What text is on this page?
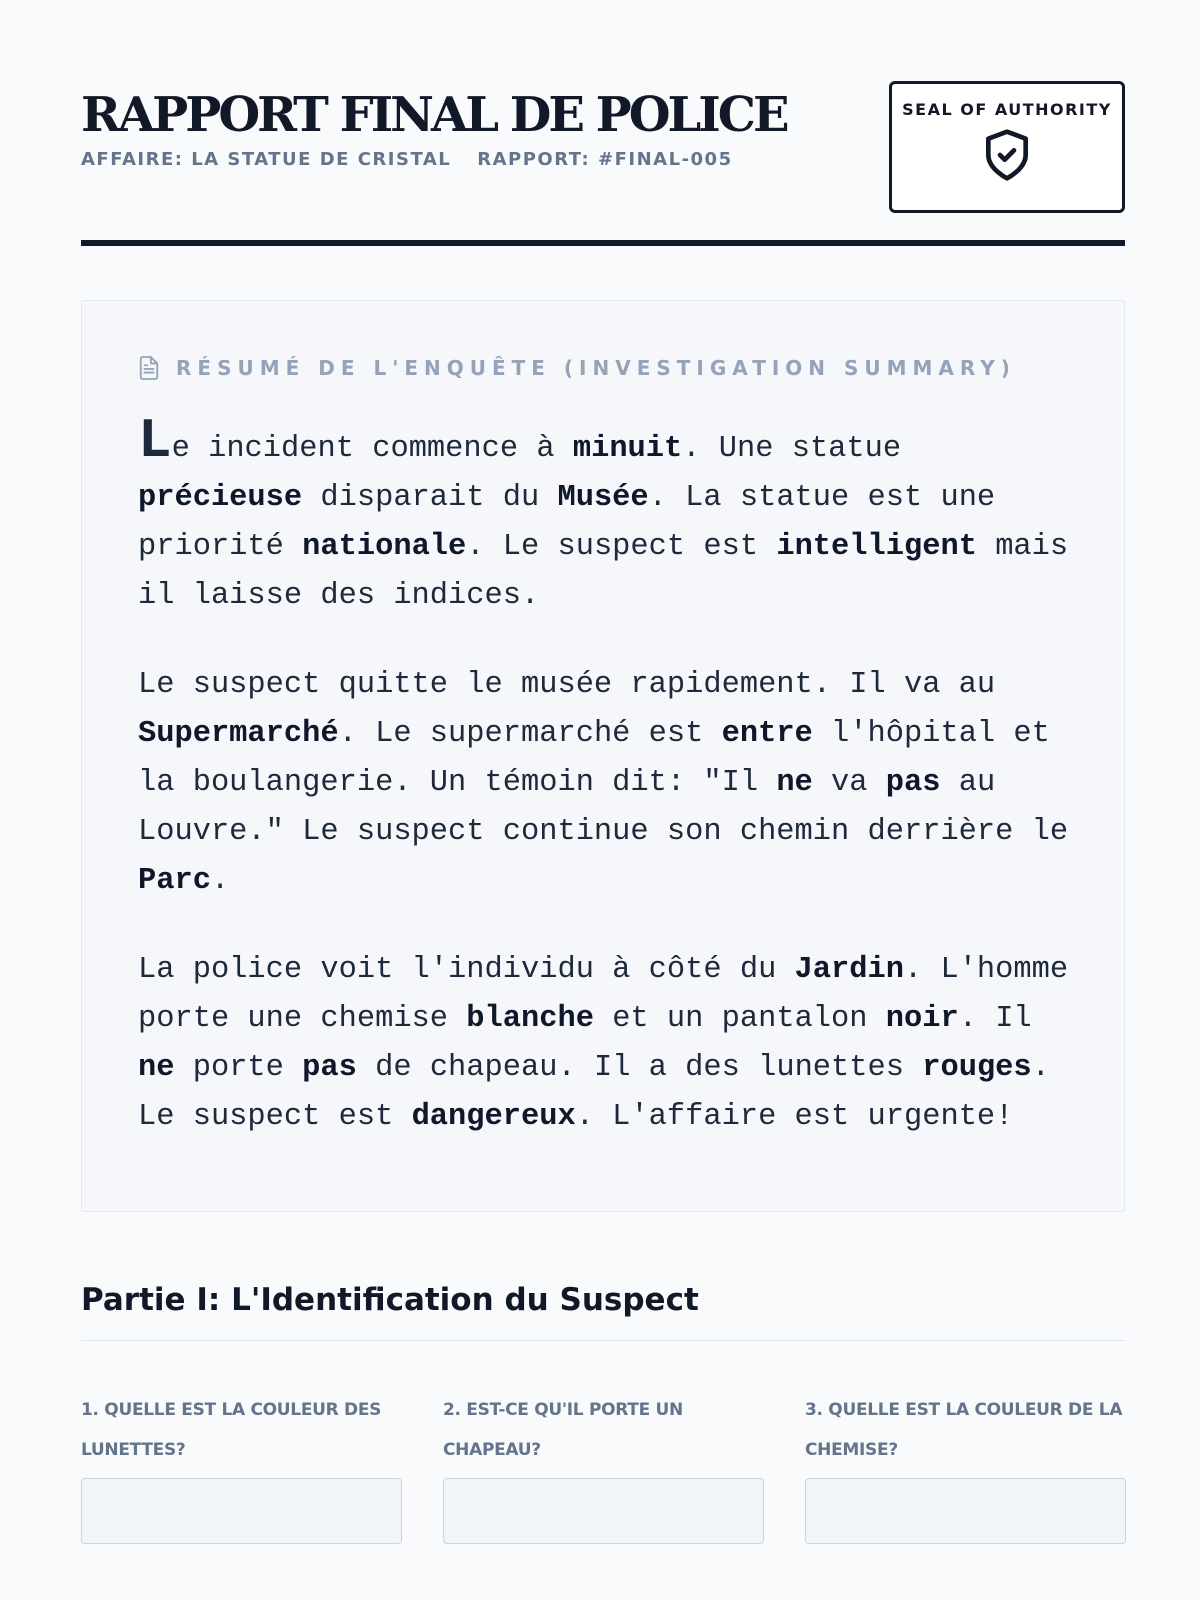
RAPPORT FINAL DE POLICE
AFFAIRE: LA STATUE DE CRISTAL RAPPORT: #FINAL-005
SEAL OF AUTHORITY
RÉSUMÉ DE L'ENQUÊTE (INVESTIGATION SUMMARY)

Le incident commence à minuit. Une statue précieuse disparait du Musée. La statue est une priorité nationale. Le suspect est intelligent mais il laisse des indices.

Le suspect quitte le musée rapidement. Il va au Supermarché. Le supermarché est entre l'hôpital et la boulangerie. Un témoin dit: "Il ne va pas au Louvre." Le suspect continue son chemin derrière le Parc.

La police voit l'individu à côté du Jardin. L'homme porte une chemise blanche et un pantalon noir. Il ne porte pas de chapeau. Il a des lunettes rouges. Le suspect est dangereux. L'affaire est urgente!

Partie I: L'Identification du Suspect
1. QUELLE EST LA COULEUR DES LUNETTES?
2. EST-CE QU'IL PORTE UN CHAPEAU?
3. QUELLE EST LA COULEUR DE LA CHEMISE?
